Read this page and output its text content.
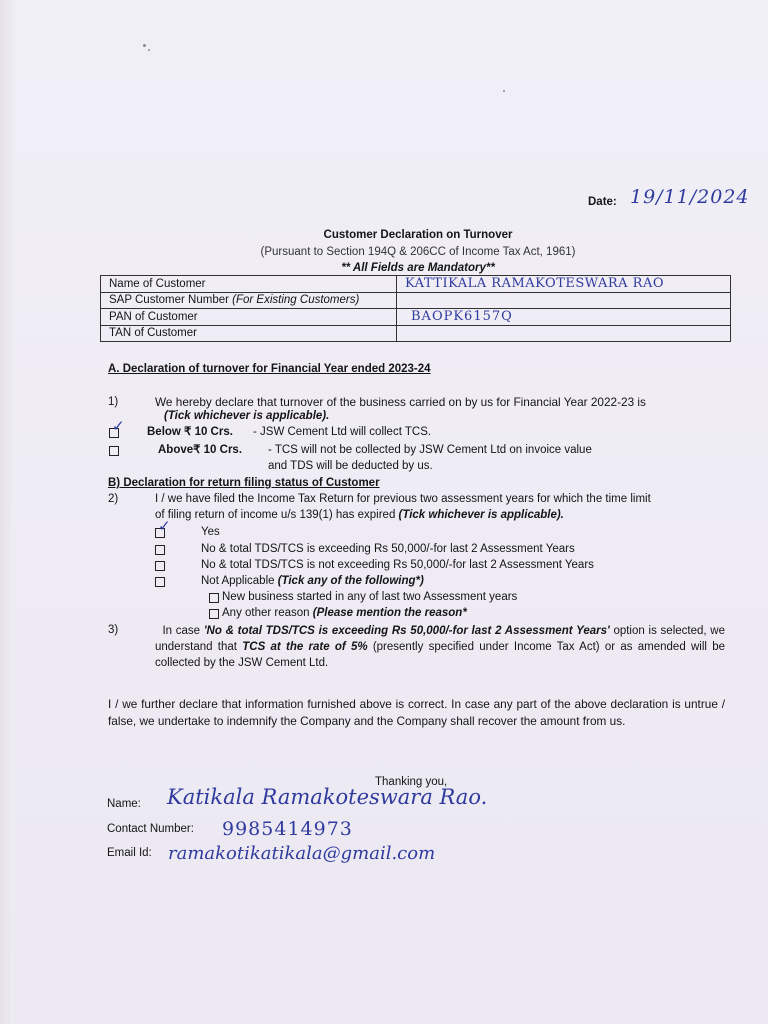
Date: 19/11/2024
Customer Declaration on Turnover
(Pursuant to Section 194Q & 206CC of Income Tax Act, 1961)
** All Fields are Mandatory**
Name of Customer	KATTIKALA RAMAKOTESWARA RAO
SAP Customer Number (For Existing Customers)	
PAN of Customer	BAOPK6157Q
TAN of Customer	
A. Declaration of turnover for Financial Year ended 2023-24
1)	We hereby declare that turnover of the business carried on by us for Financial Year 2022-23 is
(Tick whichever is applicable).
✓ Below ₹ 10 Crs. - JSW Cement Ltd will collect TCS.
Above₹ 10 Crs. - TCS will not be collected by JSW Cement Ltd on invoice value
and TDS will be deducted by us.
B) Declaration for return filing status of Customer
2)	I / we have filed the Income Tax Return for previous two assessment years for which the time limit
of filing return of income u/s 139(1) has expired (Tick whichever is applicable).
✓	Yes
No & total TDS/TCS is exceeding Rs 50,000/-for last 2 Assessment Years
No & total TDS/TCS is not exceeding Rs 50,000/-for last 2 Assessment Years
Not Applicable (Tick any of the following*)
New business started in any of last two Assessment years
Any other reason (Please mention the reason*
3)	In case 'No & total TDS/TCS is exceeding Rs 50,000/-for last 2 Assessment Years' option is selected, we understand that TCS at the rate of 5% (presently specified under Income Tax Act) or as amended will be collected by the JSW Cement Ltd.
I / we further declare that information furnished above is correct. In case any part of the above declaration is untrue / false, we undertake to indemnify the Company and the Company shall recover the amount from us.
Thanking you,
Name: Katikala Ramakoteswara Rao.
Contact Number: 9985414973
Email Id: ramakotikatikala@gmail.com
